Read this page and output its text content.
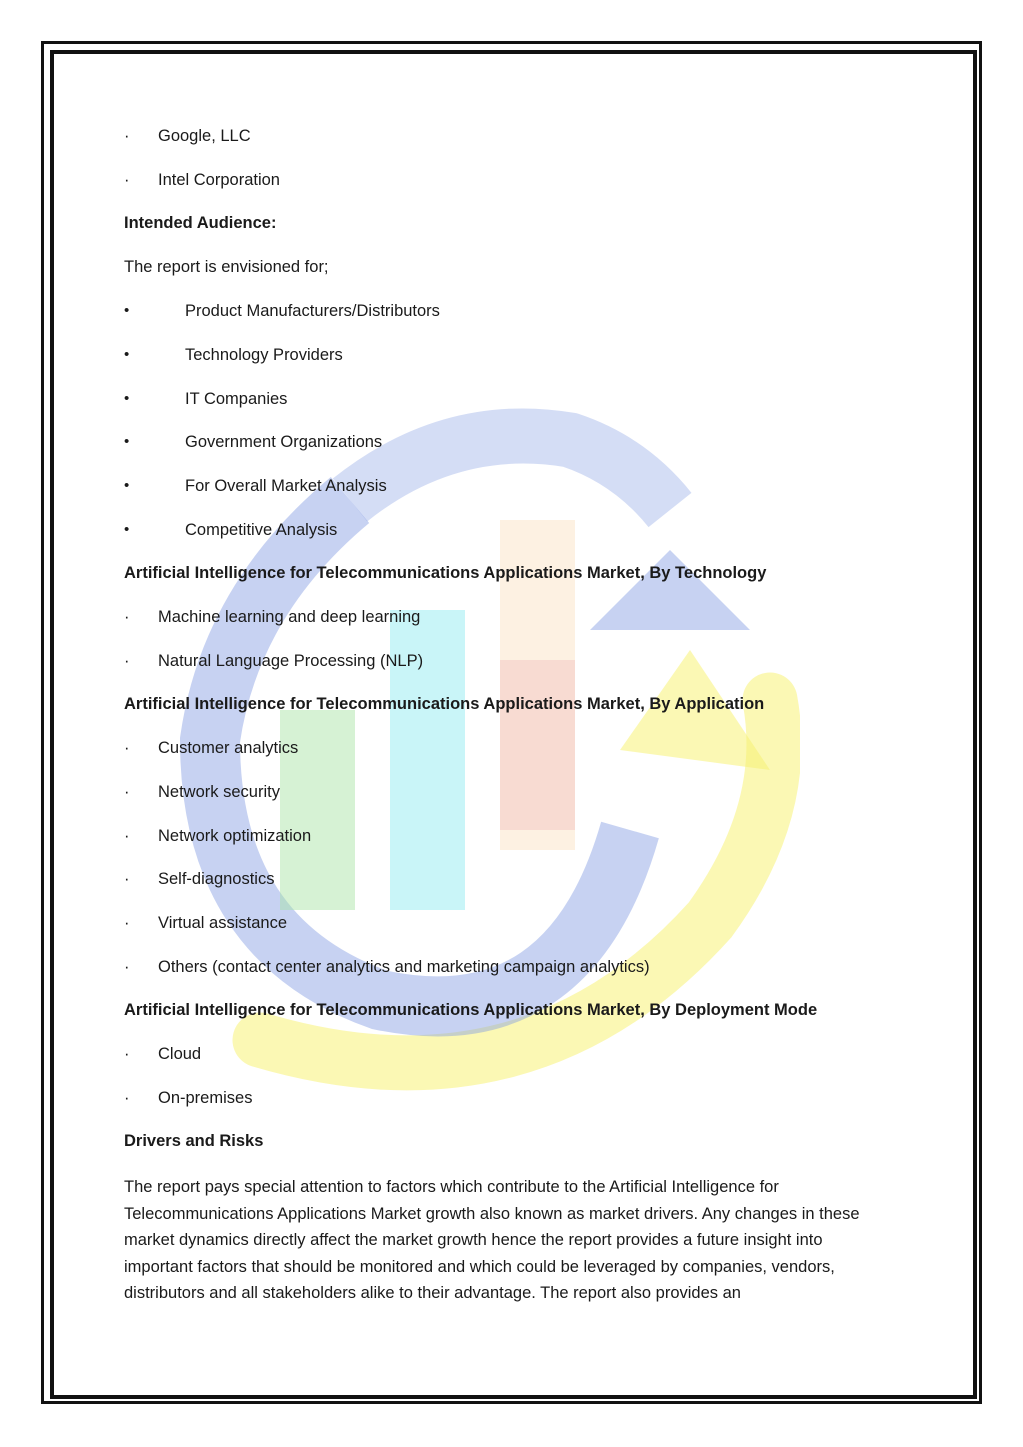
·	Google, LLC
·	Intel Corporation
Intended Audience:
The report is envisioned for;
•	Product Manufacturers/Distributors
•	Technology Providers
•	IT Companies
•	Government Organizations
•	For Overall Market Analysis
•	Competitive Analysis
Artificial Intelligence for Telecommunications Applications Market, By Technology
·	Machine learning and deep learning
·	Natural Language Processing (NLP)
Artificial Intelligence for Telecommunications Applications Market, By Application
·	Customer analytics
·	Network security
·	Network optimization
·	Self-diagnostics
·	Virtual assistance
·	Others (contact center analytics and marketing campaign analytics)
Artificial Intelligence for Telecommunications Applications Market, By Deployment Mode
·	Cloud
·	On-premises
Drivers and Risks
The report pays special attention to factors which contribute to the Artificial Intelligence for Telecommunications Applications Market growth also known as market drivers. Any changes in these market dynamics directly affect the market growth hence the report provides a future insight into important factors that should be monitored and which could be leveraged by companies, vendors, distributors and all stakeholders alike to their advantage. The report also provides an
